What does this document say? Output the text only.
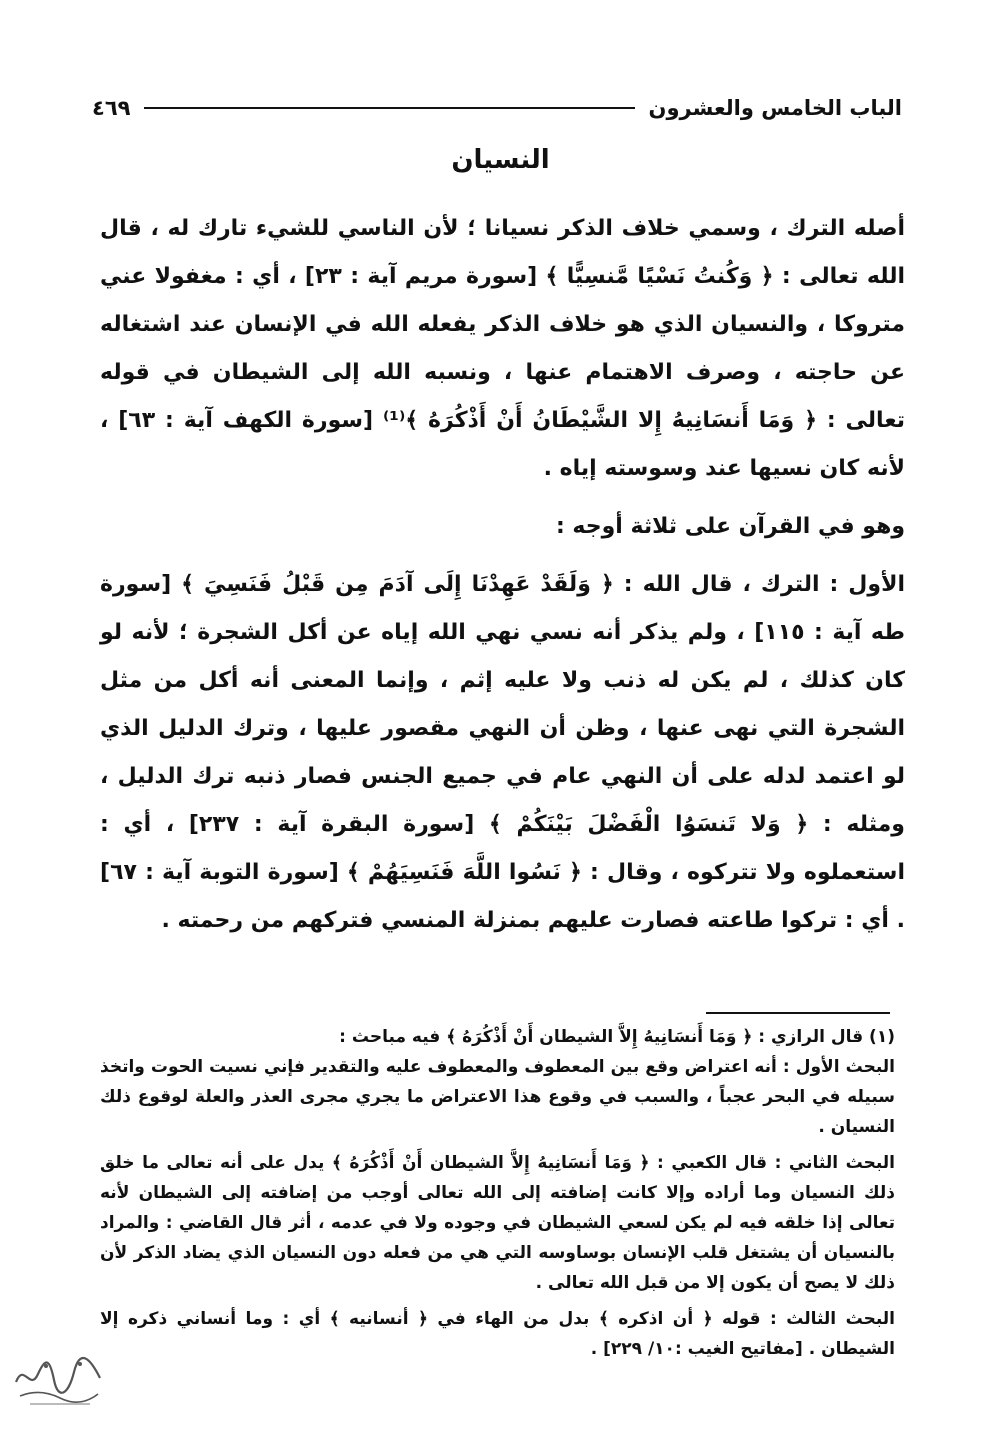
الباب الخامس والعشرون
٤٦٩
النسيان

أصله الترك ، وسمي خلاف الذكر نسيانا ؛ لأن الناسي للشيء تارك له ، قال الله تعالى : ﴿ وَكُنتُ نَسْيًا مَّنسِيًّا ﴾ [سورة مريم آية : ٢٣] ، أي : مغفولا عني متروكا ، والنسيان الذي هو خلاف الذكر يفعله الله في الإنسان عند اشتغاله عن حاجته ، وصرف الاهتمام عنها ، ونسبه الله إلى الشيطان في قوله تعالى : ﴿ وَمَا أَنسَانِيهُ إِلا الشَّيْطَانُ أَنْ أَذْكُرَهُ ﴾⁽¹⁾ [سورة الكهف آية : ٦٣] ، لأنه كان نسيها عند وسوسته إياه .

وهو في القرآن على ثلاثة أوجه :

الأول : الترك ، قال الله : ﴿ وَلَقَدْ عَهِدْنَا إِلَى آدَمَ مِن قَبْلُ فَنَسِيَ ﴾ [سورة طه آية : ١١٥] ، ولم يذكر أنه نسي نهي الله إياه عن أكل الشجرة ؛ لأنه لو كان كذلك ، لم يكن له ذنب ولا عليه إثم ، وإنما المعنى أنه أكل من مثل الشجرة التي نهى عنها ، وظن أن النهي مقصور عليها ، وترك الدليل الذي لو اعتمد لدله على أن النهي عام في جميع الجنس فصار ذنبه ترك الدليل ، ومثله : ﴿ وَلا تَنسَوُا الْفَضْلَ بَيْنَكُمْ ﴾ [سورة البقرة آية : ٢٣٧] ، أي : استعملوه ولا تتركوه ، وقال : ﴿ نَسُوا اللَّهَ فَنَسِيَهُمْ ﴾ [سورة التوبة آية : ٦٧] . أي : تركوا طاعته فصارت عليهم بمنزلة المنسي فتركهم من رحمته .

(١) قال الرازي : ﴿ وَمَا أَنسَانِيهُ إِلاَّ الشيطان أَنْ أَذْكُرَهُ ﴾ فيه مباحث :

البحث الأول : أنه اعتراض وقع بين المعطوف والمعطوف عليه والتقدير فإني نسيت الحوت واتخذ سبيله في البحر عجباً ، والسبب في وقوع هذا الاعتراض ما يجري مجرى العذر والعلة لوقوع ذلك النسيان .

البحث الثاني : قال الكعبي : ﴿ وَمَا أَنسَانِيهُ إِلاَّ الشيطان أَنْ أَذْكُرَهُ ﴾ يدل على أنه تعالى ما خلق ذلك النسيان وما أراده وإلا كانت إضافته إلى الله تعالى أوجب من إضافته إلى الشيطان لأنه تعالى إذا خلقه فيه لم يكن لسعي الشيطان في وجوده ولا في عدمه ، أثر قال القاضي : والمراد بالنسيان أن يشتغل قلب الإنسان بوساوسه التي هي من فعله دون النسيان الذي يضاد الذكر لأن ذلك لا يصح أن يكون إلا من قبل الله تعالى .

البحث الثالث : قوله ﴿ أن اذكره ﴾ بدل من الهاء في ﴿ أنسانيه ﴾ أي : وما أنساني ذكره إلا الشيطان . [مفاتيح الغيب :١٠/ ٢٢٩] .
